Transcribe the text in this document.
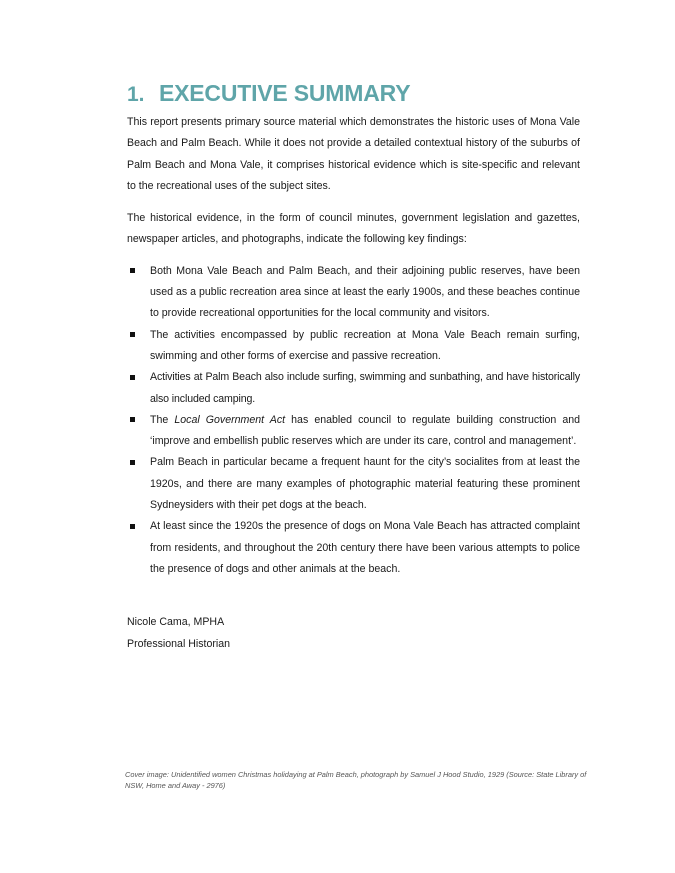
1. EXECUTIVE SUMMARY

This report presents primary source material which demonstrates the historic uses of Mona Vale Beach and Palm Beach. While it does not provide a detailed contextual history of the suburbs of Palm Beach and Mona Vale, it comprises historical evidence which is site-specific and relevant to the recreational uses of the subject sites.

The historical evidence, in the form of council minutes, government legislation and gazettes, newspaper articles, and photographs, indicate the following key findings:

Both Mona Vale Beach and Palm Beach, and their adjoining public reserves, have been used as a public recreation area since at least the early 1900s, and these beaches continue to provide recreational opportunities for the local community and visitors.
The activities encompassed by public recreation at Mona Vale Beach remain surfing, swimming and other forms of exercise and passive recreation.
Activities at Palm Beach also include surfing, swimming and sunbathing, and have historically also included camping.
The Local Government Act has enabled council to regulate building construction and ‘improve and embellish public reserves which are under its care, control and management’.
Palm Beach in particular became a frequent haunt for the city’s socialites from at least the 1920s, and there are many examples of photographic material featuring these prominent Sydneysiders with their pet dogs at the beach.
At least since the 1920s the presence of dogs on Mona Vale Beach has attracted complaint from residents, and throughout the 20th century there have been various attempts to police the presence of dogs and other animals at the beach.
Nicole Cama, MPHA
Professional Historian
Cover image: Unidentified women Christmas holidaying at Palm Beach, photograph by Samuel J Hood Studio, 1929 (Source: State Library of NSW, Home and Away - 2976)
